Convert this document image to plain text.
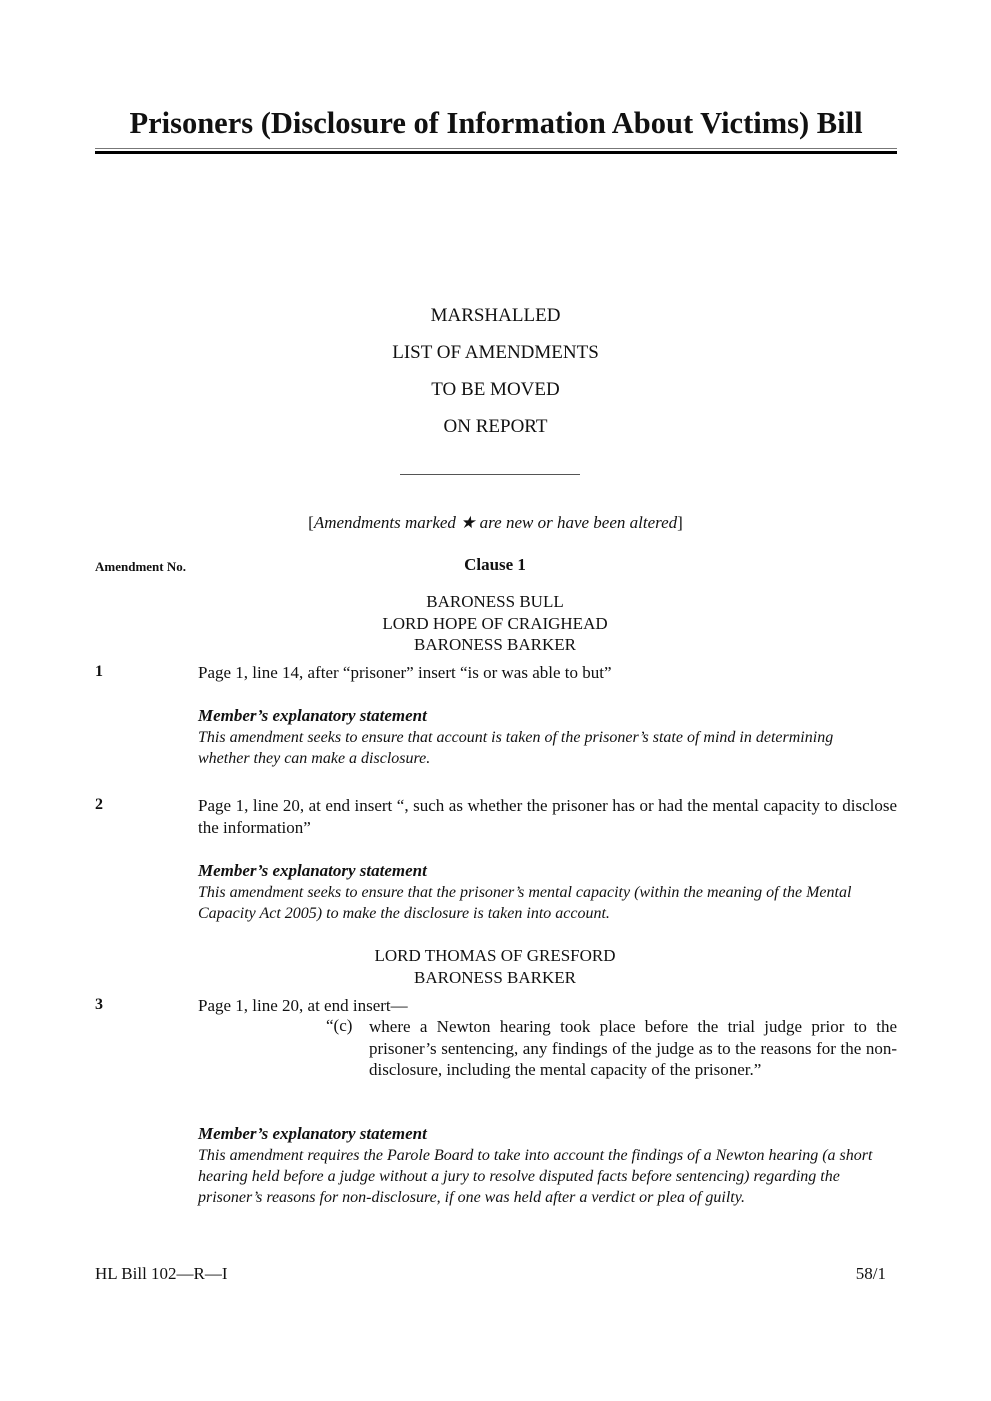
Prisoners (Disclosure of Information About Victims) Bill
MARSHALLED
LIST OF AMENDMENTS
TO BE MOVED
ON REPORT
[Amendments marked ★ are new or have been altered]
Amendment No.	Clause 1
BARONESS BULL
LORD HOPE OF CRAIGHEAD
BARONESS BARKER
1	Page 1, line 14, after “prisoner” insert “is or was able to but”
Member’s explanatory statement
This amendment seeks to ensure that account is taken of the prisoner’s state of mind in determining whether they can make a disclosure.
2	Page 1, line 20, at end insert “, such as whether the prisoner has or had the mental capacity to disclose the information”
Member’s explanatory statement
This amendment seeks to ensure that the prisoner’s mental capacity (within the meaning of the Mental Capacity Act 2005) to make the disclosure is taken into account.
LORD THOMAS OF GRESFORD
BARONESS BARKER
3	Page 1, line 20, at end insert—
“(c) where a Newton hearing took place before the trial judge prior to the prisoner’s sentencing, any findings of the judge as to the reasons for the non-disclosure, including the mental capacity of the prisoner.”
Member’s explanatory statement
This amendment requires the Parole Board to take into account the findings of a Newton hearing (a short hearing held before a judge without a jury to resolve disputed facts before sentencing) regarding the prisoner’s reasons for non-disclosure, if one was held after a verdict or plea of guilty.
HL Bill 102—R—I	58/1
